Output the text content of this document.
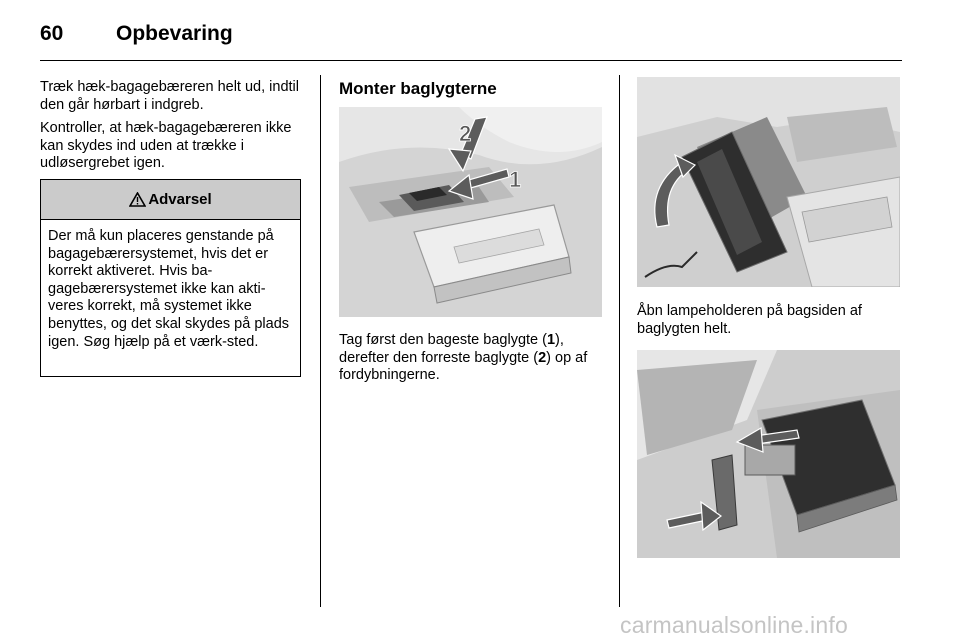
60	Opbevaring

Træk hæk-bagagebæreren helt ud, indtil den går hørbart i indgreb.

Kontroller, at hæk-bagagebæreren ikke kan skydes ind uden at trække i udløsergrebet igen.

Advarsel
Der må kun placeres genstande på bagagebærersystemet, hvis det er korrekt aktiveret. Hvis ba-gagebærersystemet ikke kan akti-veres korrekt, må systemet ikke benyttes, og det skal skydes på plads igen. Søg hjælp på et værk-sted.
Monter baglygterne
2
1

Tag først den bageste baglygte (1), derefter den forreste baglygte (2) op af fordybningerne.

Åbn lampeholderen på bagsiden af baglygten helt.

carmanualsonline.info
